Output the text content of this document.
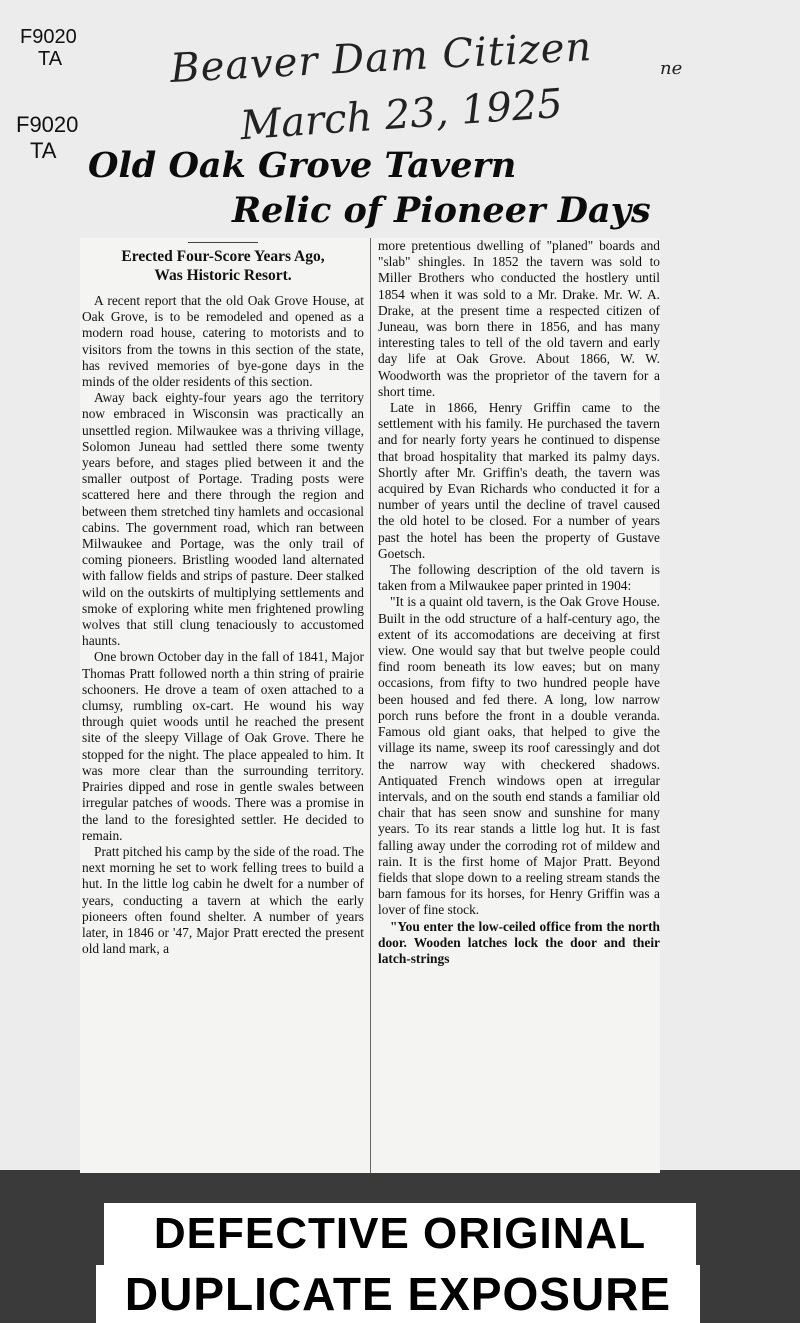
F9020
TA
F9020
TA
Beaver Dam Citizen
March 23, 1925
ne
Old Oak Grove Tavern
Relic of Pioneer Days
Erected Four-Score Years Ago,
Was Historic Resort.

A recent report that the old Oak Grove House, at Oak Grove, is to be remodeled and opened as a modern road house, catering to motorists and to visitors from the towns in this section of the state, has revived memories of bye-gone days in the minds of the older residents of this section.

Away back eighty-four years ago the territory now embraced in Wisconsin was practically an unsettled region. Milwaukee was a thriving village, Solomon Juneau had settled there some twenty years before, and stages plied between it and the smaller outpost of Portage. Trading posts were scattered here and there through the region and between them stretched tiny hamlets and occasional cabins. The government road, which ran between Milwaukee and Portage, was the only trail of coming pioneers. Bristling wooded land alternated with fallow fields and strips of pasture. Deer stalked wild on the outskirts of multiplying settlements and smoke of exploring white men frightened prowling wolves that still clung tenaciously to accustomed haunts.

One brown October day in the fall of 1841, Major Thomas Pratt followed north a thin string of prairie schooners. He drove a team of oxen attached to a clumsy, rumbling ox-cart. He wound his way through quiet woods until he reached the present site of the sleepy Village of Oak Grove. There he stopped for the night. The place appealed to him. It was more clear than the surrounding territory. Prairies dipped and rose in gentle swales between irregular patches of woods. There was a promise in the land to the foresighted settler. He decided to remain.

Pratt pitched his camp by the side of the road. The next morning he set to work felling trees to build a hut. In the little log cabin he dwelt for a number of years, conducting a tavern at which the early pioneers often found shelter. A number of years later, in 1846 or '47, Major Pratt erected the present old land mark, a

more pretentious dwelling of "planed" boards and "slab" shingles. In 1852 the tavern was sold to Miller Brothers who conducted the hostlery until 1854 when it was sold to a Mr. Drake. Mr. W. A. Drake, at the present time a respected citizen of Juneau, was born there in 1856, and has many interesting tales to tell of the old tavern and early day life at Oak Grove. About 1866, W. W. Woodworth was the proprietor of the tavern for a short time.

Late in 1866, Henry Griffin came to the settlement with his family. He purchased the tavern and for nearly forty years he continued to dispense that broad hospitality that marked its palmy days. Shortly after Mr. Griffin's death, the tavern was acquired by Evan Richards who conducted it for a number of years until the decline of travel caused the old hotel to be closed. For a number of years past the hotel has been the property of Gustave Goetsch.

The following description of the old tavern is taken from a Milwaukee paper printed in 1904:

"It is a quaint old tavern, is the Oak Grove House. Built in the odd structure of a half-century ago, the extent of its accomodations are deceiving at first view. One would say that but twelve people could find room beneath its low eaves; but on many occasions, from fifty to two hundred people have been housed and fed there. A long, low narrow porch runs before the front in a double veranda. Famous old giant oaks, that helped to give the village its name, sweep its roof caressingly and dot the narrow way with checkered shadows. Antiquated French windows open at irregular intervals, and on the south end stands a familiar old chair that has seen snow and sunshine for many years. To its rear stands a little log hut. It is fast falling away under the corroding rot of mildew and rain. It is the first home of Major Pratt. Beyond fields that slope down to a reeling stream stands the barn famous for its horses, for Henry Griffin was a lover of fine stock.

"You enter the low-ceiled office from the north door. Wooden latches lock the door and their latch-strings

DEFECTIVE ORIGINAL
DUPLICATE EXPOSURE
